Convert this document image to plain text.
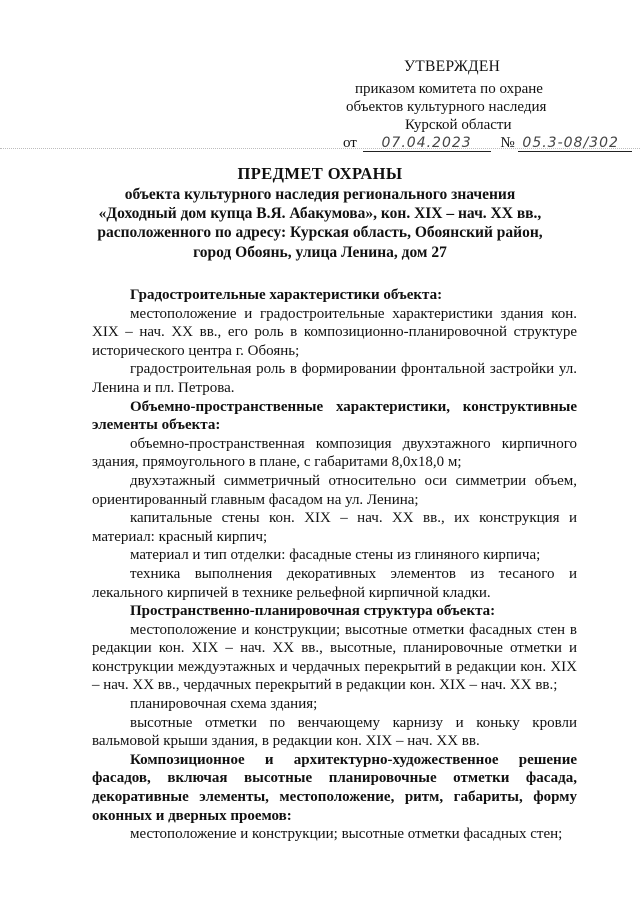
УТВЕРЖДЕН
приказом комитета по охране
объектов культурного наследия
Курской области
от 07.04.2023 № 05.3-08/302
ПРЕДМЕТ ОХРАНЫ
объекта культурного наследия регионального значения
«Доходный дом купца В.Я. Абакумова», кон. XIX – нач. XX вв.,
расположенного по адресу: Курская область, Обоянский район,
город Обоянь, улица Ленина, дом 27

Градостроительные характеристики объекта:

местоположение и градостроительные характеристики здания кон. XIX – нач. XX вв., его роль в композиционно-планировочной структуре исторического центра г. Обоянь;

градостроительная роль в формировании фронтальной застройки ул. Ленина и пл. Петрова.

Объемно-пространственные характеристики, конструктивные элементы объекта:

объемно-пространственная композиция двухэтажного кирпичного здания, прямоугольного в плане, с габаритами 8,0x18,0 м;

двухэтажный симметричный относительно оси симметрии объем, ориентированный главным фасадом на ул. Ленина;

капитальные стены кон. XIX – нач. XX вв., их конструкция и материал: красный кирпич;

материал и тип отделки: фасадные стены из глиняного кирпича;

техника выполнения декоративных элементов из тесаного и лекального кирпичей в технике рельефной кирпичной кладки.

Пространственно-планировочная структура объекта:

местоположение и конструкции; высотные отметки фасадных стен в редакции кон. XIX – нач. XX вв., высотные, планировочные отметки и конструкции междуэтажных и чердачных перекрытий в редакции кон. XIX – нач. XX вв., чердачных перекрытий в редакции кон. XIX – нач. XX вв.;

планировочная схема здания;

высотные отметки по венчающему карнизу и коньку кровли вальмовой крыши здания, в редакции кон. XIX – нач. XX вв.

Композиционное и архитектурно-художественное решение фасадов, включая высотные планировочные отметки фасада, декоративные элементы, местоположение, ритм, габариты, форму оконных и дверных проемов:

местоположение и конструкции; высотные отметки фасадных стен;
